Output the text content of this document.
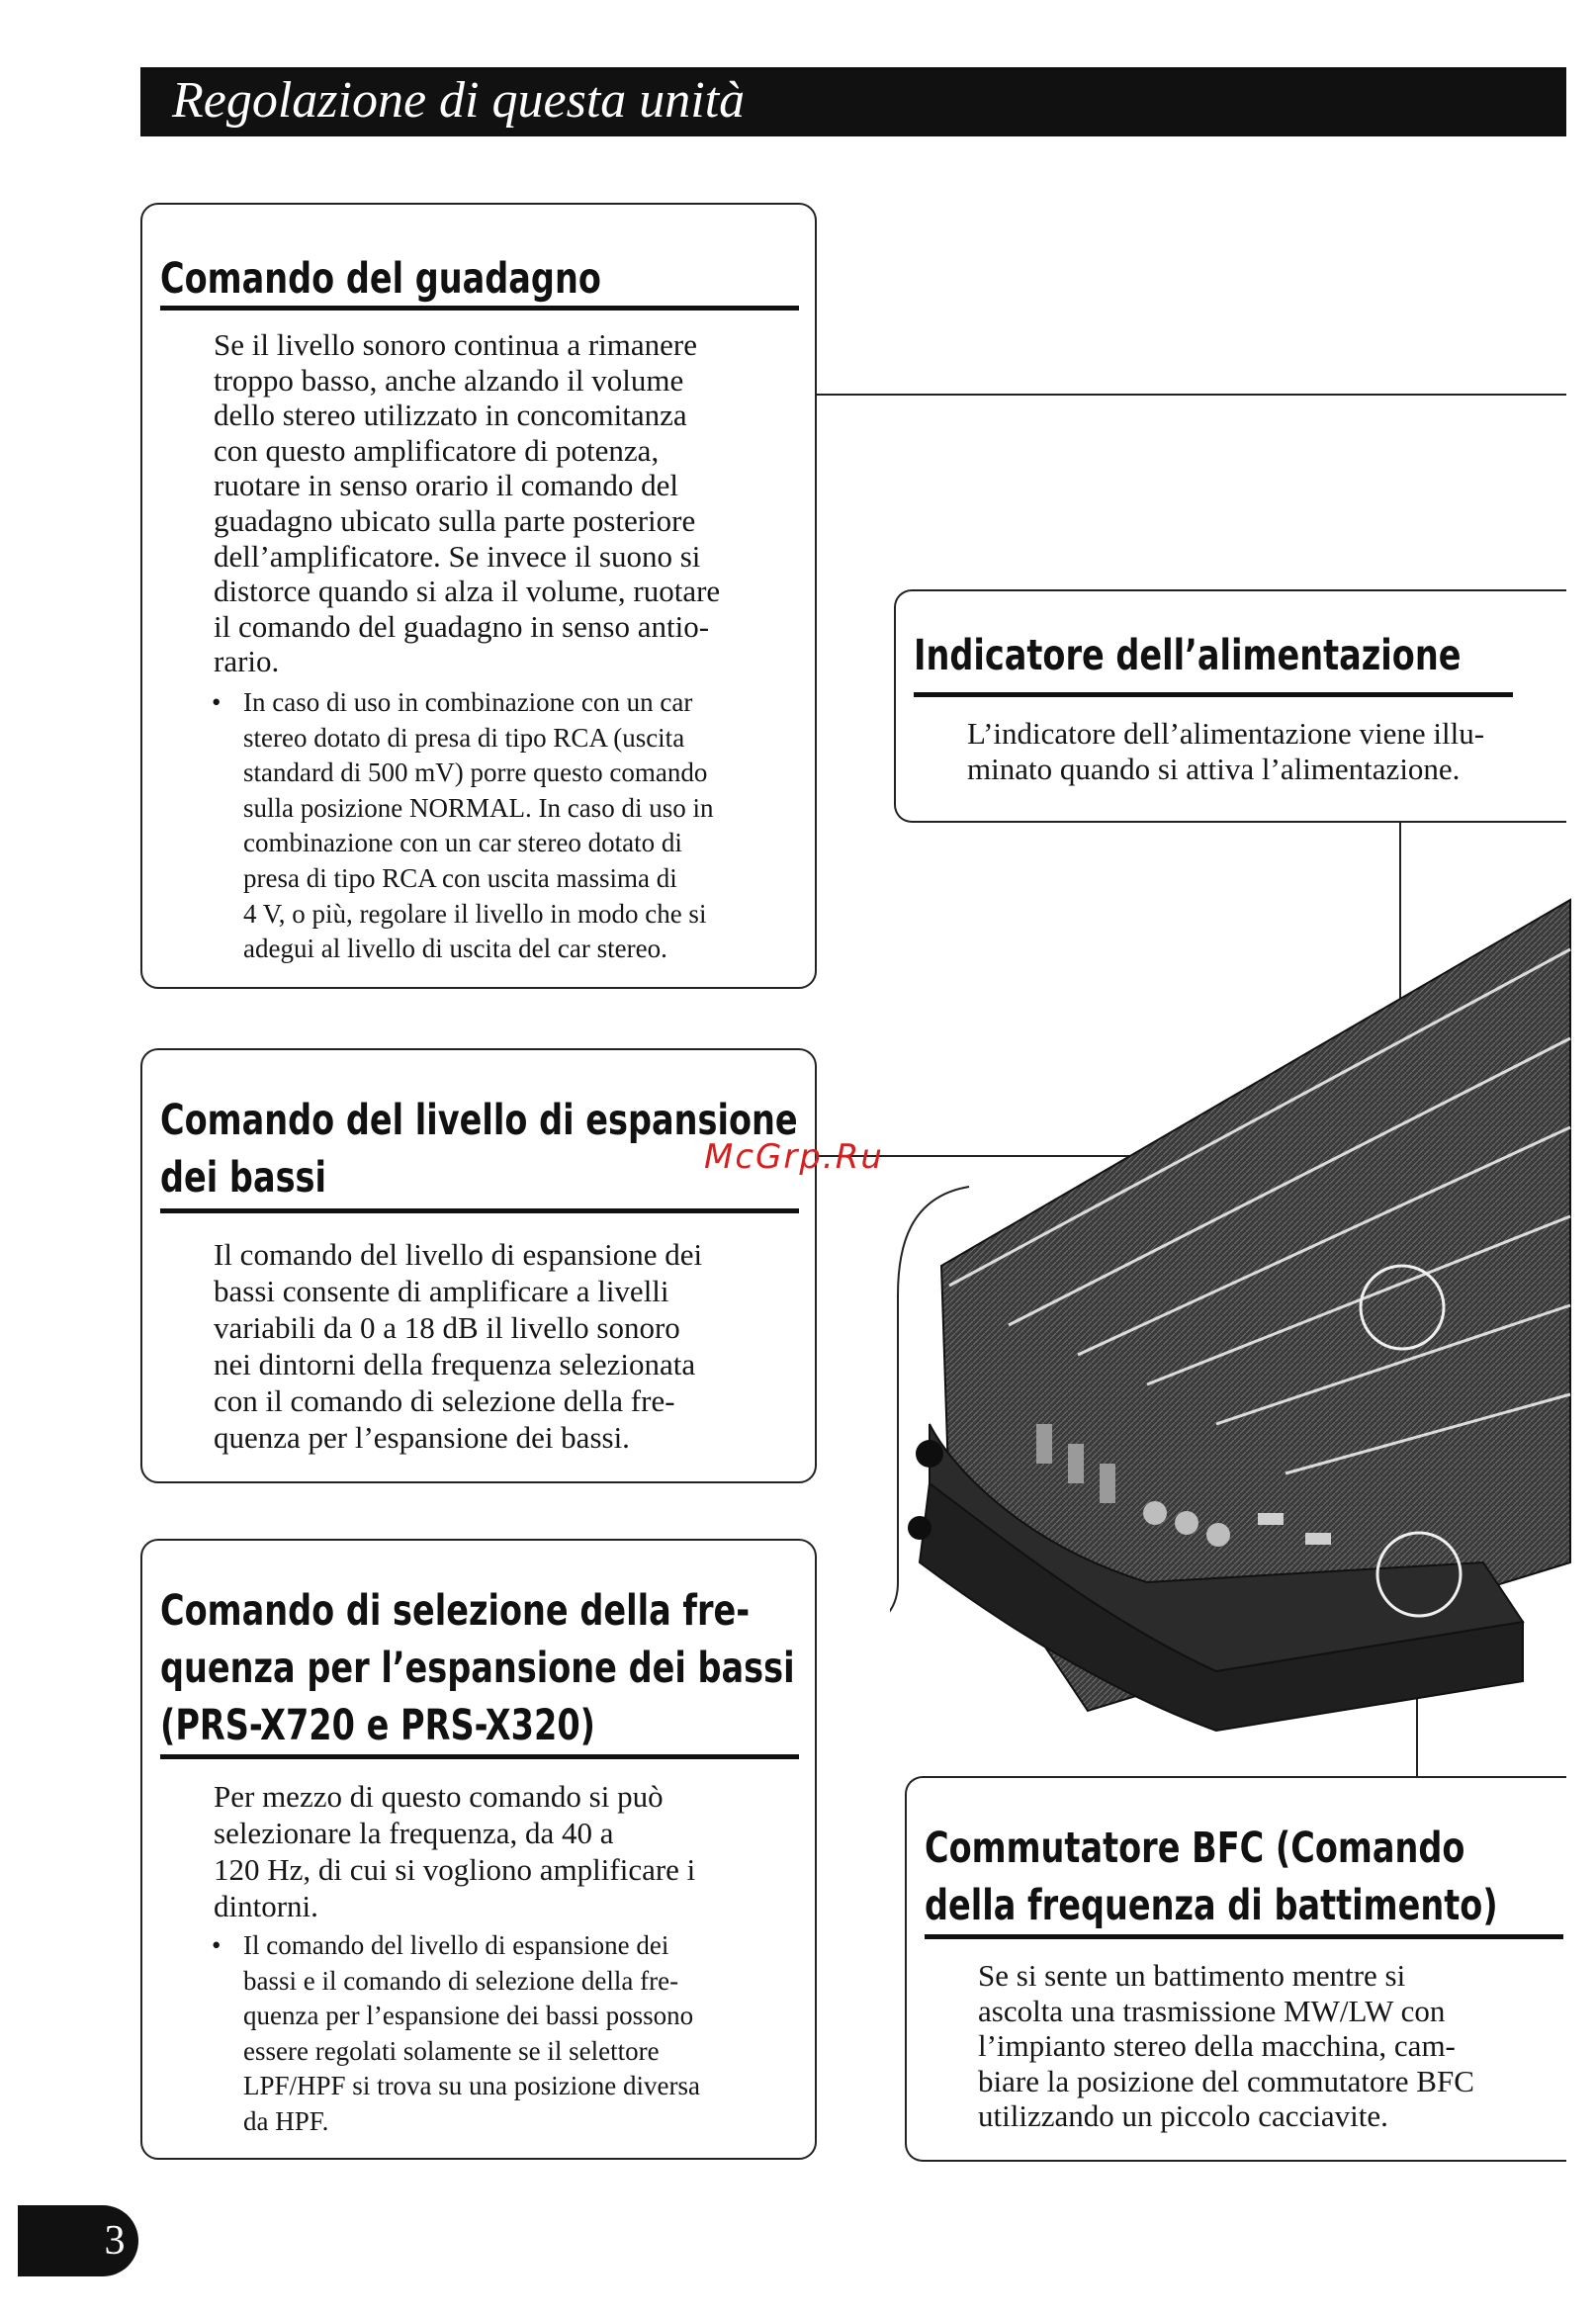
Regolazione di questa unità
Comando del guadagno
Se il livello sonoro continua a rimanere
troppo basso, anche alzando il volume
dello stereo utilizzato in concomitanza
con questo amplificatore di potenza,
ruotare in senso orario il comando del
guadagno ubicato sulla parte posteriore
dell’amplificatore. Se invece il suono si
distorce quando si alza il volume, ruotare
il comando del guadagno in senso antio-
rario.
• In caso di uso in combinazione con un car
stereo dotato di presa di tipo RCA (uscita
standard di 500 mV) porre questo comando
sulla posizione NORMAL. In caso di uso in
combinazione con un car stereo dotato di
presa di tipo RCA con uscita massima di
4 V, o più, regolare il livello in modo che si
adegui al livello di uscita del car stereo.
Indicatore dell’alimentazione
L’indicatore dell’alimentazione viene illu-
minato quando si attiva l’alimentazione.
Comando del livello di espansione
dei bassi
Il comando del livello di espansione dei
bassi consente di amplificare a livelli
variabili da 0 a 18 dB il livello sonoro
nei dintorni della frequenza selezionata
con il comando di selezione della fre-
quenza per l’espansione dei bassi.
Comando di selezione della fre-
quenza per l’espansione dei bassi
(PRS-X720 e PRS-X320)
Per mezzo di questo comando si può
selezionare la frequenza, da 40 a
120 Hz, di cui si vogliono amplificare i
dintorni.
• Il comando del livello di espansione dei
bassi e il comando di selezione della fre-
quenza per l’espansione dei bassi possono
essere regolati solamente se il selettore
LPF/HPF si trova su una posizione diversa
da HPF.
Commutatore BFC (Comando
della frequenza di battimento)
Se si sente un battimento mentre si
ascolta una trasmissione MW/LW con
l’impianto stereo della macchina, cam-
biare la posizione del commutatore BFC
utilizzando un piccolo cacciavite.
McGrp.Ru
3
